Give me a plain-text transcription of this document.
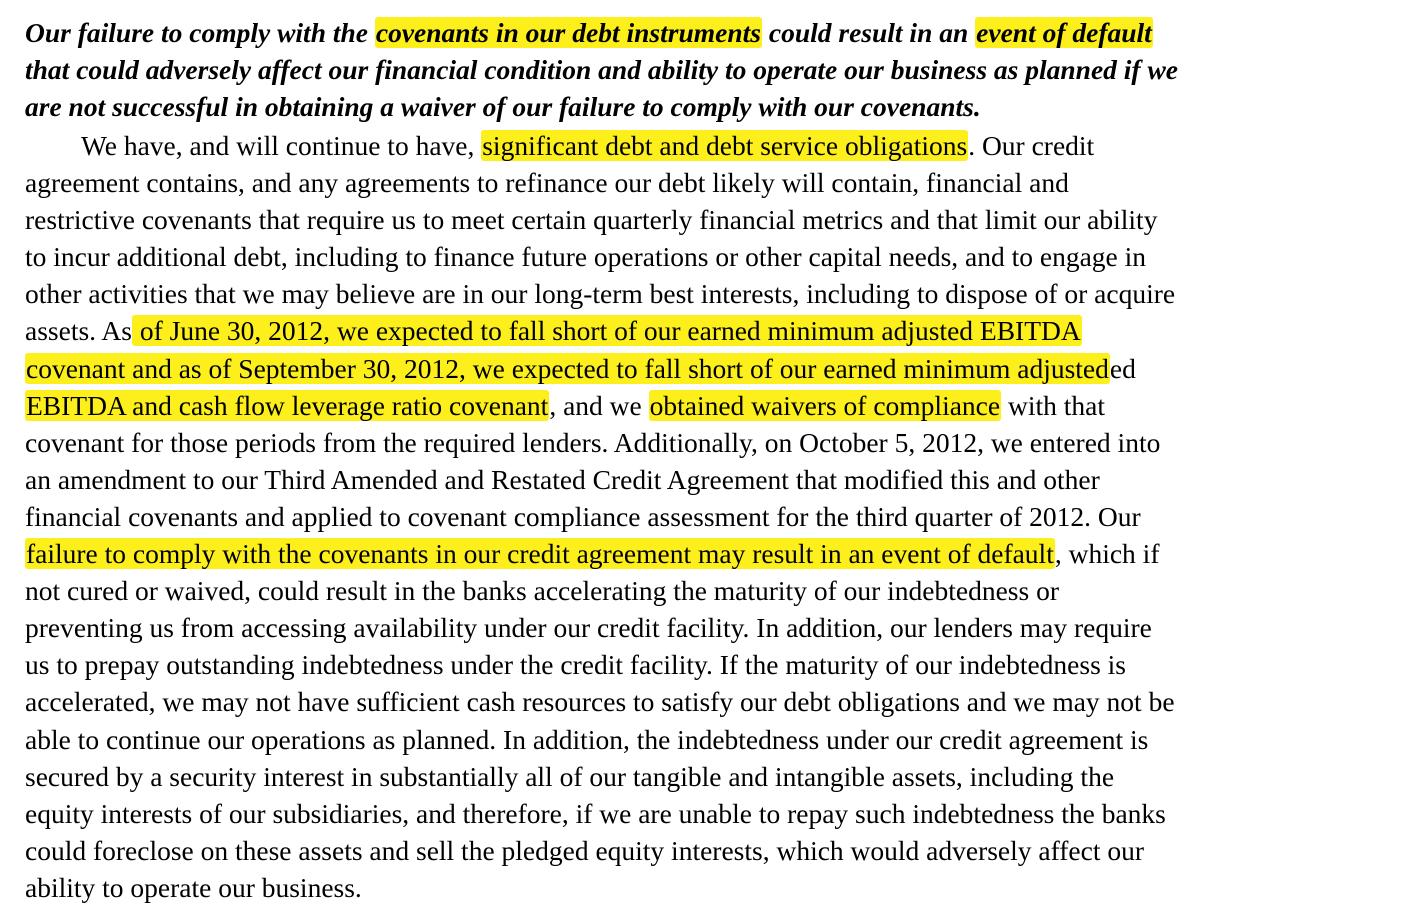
Our failure to comply with the covenants in our debt instruments could result in an event of default
that could adversely affect our financial condition and ability to operate our business as planned if we
are not successful in obtaining a waiver of our failure to comply with our covenants.
We have, and will continue to have, significant debt and debt service obligations. Our credit
agreement contains, and any agreements to refinance our debt likely will contain, financial and
restrictive covenants that require us to meet certain quarterly financial metrics and that limit our ability
to incur additional debt, including to finance future operations or other capital needs, and to engage in
other activities that we may believe are in our long-term best interests, including to dispose of or acquire
assets. As of June 30, 2012, we expected to fall short of our earned minimum adjusted EBITDA
covenant and as of September 30, 2012, we expected to fall short of our earned minimum adjusteded
EBITDA and cash flow leverage ratio covenant, and we obtained waivers of compliance with that
covenant for those periods from the required lenders. Additionally, on October 5, 2012, we entered into
an amendment to our Third Amended and Restated Credit Agreement that modified this and other
financial covenants and applied to covenant compliance assessment for the third quarter of 2012. Our
failure to comply with the covenants in our credit agreement may result in an event of default, which if
not cured or waived, could result in the banks accelerating the maturity of our indebtedness or
preventing us from accessing availability under our credit facility. In addition, our lenders may require
us to prepay outstanding indebtedness under the credit facility. If the maturity of our indebtedness is
accelerated, we may not have sufficient cash resources to satisfy our debt obligations and we may not be
able to continue our operations as planned. In addition, the indebtedness under our credit agreement is
secured by a security interest in substantially all of our tangible and intangible assets, including the
equity interests of our subsidiaries, and therefore, if we are unable to repay such indebtedness the banks
could foreclose on these assets and sell the pledged equity interests, which would adversely affect our
ability to operate our business.
